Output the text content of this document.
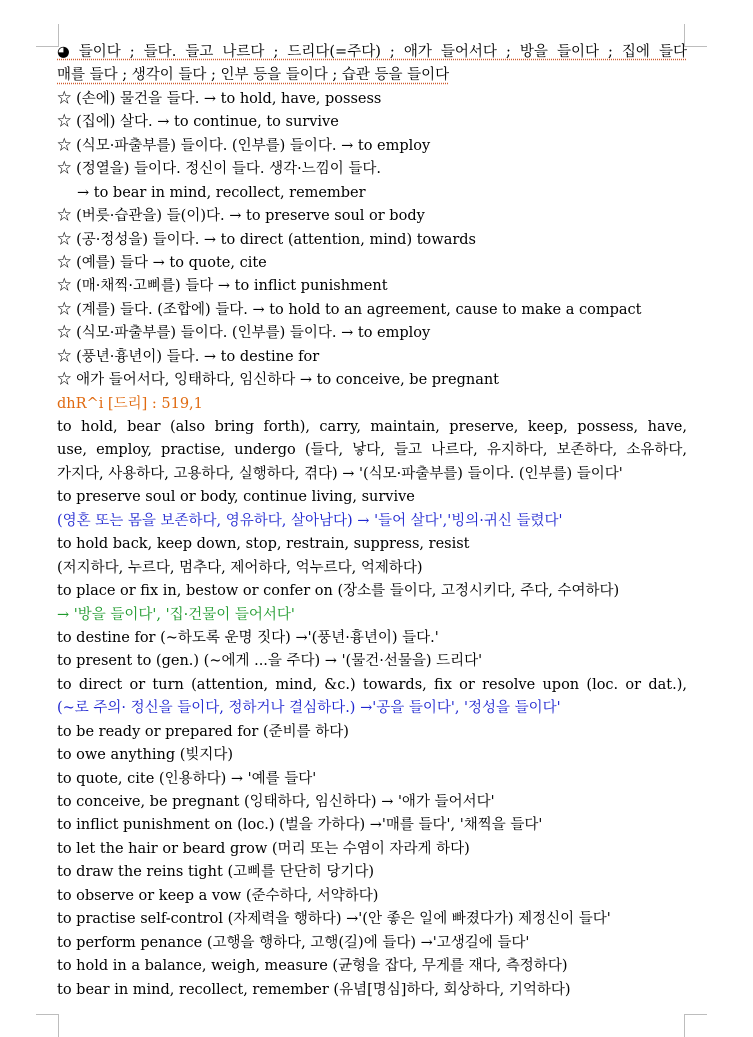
◕ 들이다 ; 들다. 들고 나르다 ; 드리다(=주다) ; 애가 들어서다 ; 방을 들이다 ; 집에 들다
매를 들다 ; 생각이 들다 ; 인부 등을 들이다 ; 습관 등을 들이다
☆ (손에) 물건을 들다. → to hold, have, possess
☆ (집에) 살다. → to continue, to survive
☆ (식모·파출부를) 들이다. (인부를) 들이다. → to employ
☆ (정열을) 들이다. 정신이 들다. 생각·느낌이 들다.
→ to bear in mind, recollect, remember
☆ (버릇·습관을) 들(이)다. → to preserve soul or body
☆ (공·정성을) 들이다. → to direct (attention, mind) towards
☆ (예를) 들다 → to quote, cite
☆ (매·채찍·고삐를) 들다 → to inflict punishment
☆ (계를) 들다. (조합에) 들다. → to hold to an agreement, cause to make a compact
☆ (식모·파출부를) 들이다. (인부를) 들이다. → to employ
☆ (풍년·흉년이) 들다. → to destine for
☆ 애가 들어서다, 잉태하다, 임신하다 → to conceive, be pregnant
dhR^i [드리] : 519,1
to hold, bear (also bring forth), carry, maintain, preserve, keep, possess, have,
use, employ, practise, undergo (들다, 낳다, 들고 나르다, 유지하다, 보존하다, 소유하다,
가지다, 사용하다, 고용하다, 실행하다, 겪다) → '(식모·파출부를) 들이다. (인부를) 들이다'
to preserve soul or body, continue living, survive
(영혼 또는 몸을 보존하다, 영유하다, 살아남다) → '들어 살다','빙의·귀신 들렸다'
to hold back, keep down, stop, restrain, suppress, resist
(저지하다, 누르다, 멈추다, 제어하다, 억누르다, 억제하다)
to place or fix in, bestow or confer on (장소를 들이다, 고정시키다, 주다, 수여하다)
→ '방을 들이다', '집·건물이 들어서다'
to destine for (~하도록 운명 짓다) →'(풍년·흉년이) 들다.'
to present to (gen.) (~에게 ...을 주다) → '(물건·선물을) 드리다'
to direct or turn (attention, mind, &c.) towards, fix or resolve upon (loc. or dat.),
(~로 주의· 정신을 들이다, 정하거나 결심하다.) →'공을 들이다', '정성을 들이다'
to be ready or prepared for (준비를 하다)
to owe anything (빚지다)
to quote, cite (인용하다) → '예를 들다'
to conceive, be pregnant (잉태하다, 임신하다) → '애가 들어서다'
to inflict punishment on (loc.) (벌을 가하다) →'매를 들다', '채찍을 들다'
to let the hair or beard grow (머리 또는 수염이 자라게 하다)
to draw the reins tight (고삐를 단단히 당기다)
to observe or keep a vow (준수하다, 서약하다)
to practise self-control (자제력을 행하다) →'(안 좋은 일에 빠졌다가) 제정신이 들다'
to perform penance (고행을 행하다, 고행(길)에 들다) →'고생길에 들다'
to hold in a balance, weigh, measure (균형을 잡다, 무게를 재다, 측정하다)
to bear in mind, recollect, remember (유념[명심]하다, 회상하다, 기억하다)
